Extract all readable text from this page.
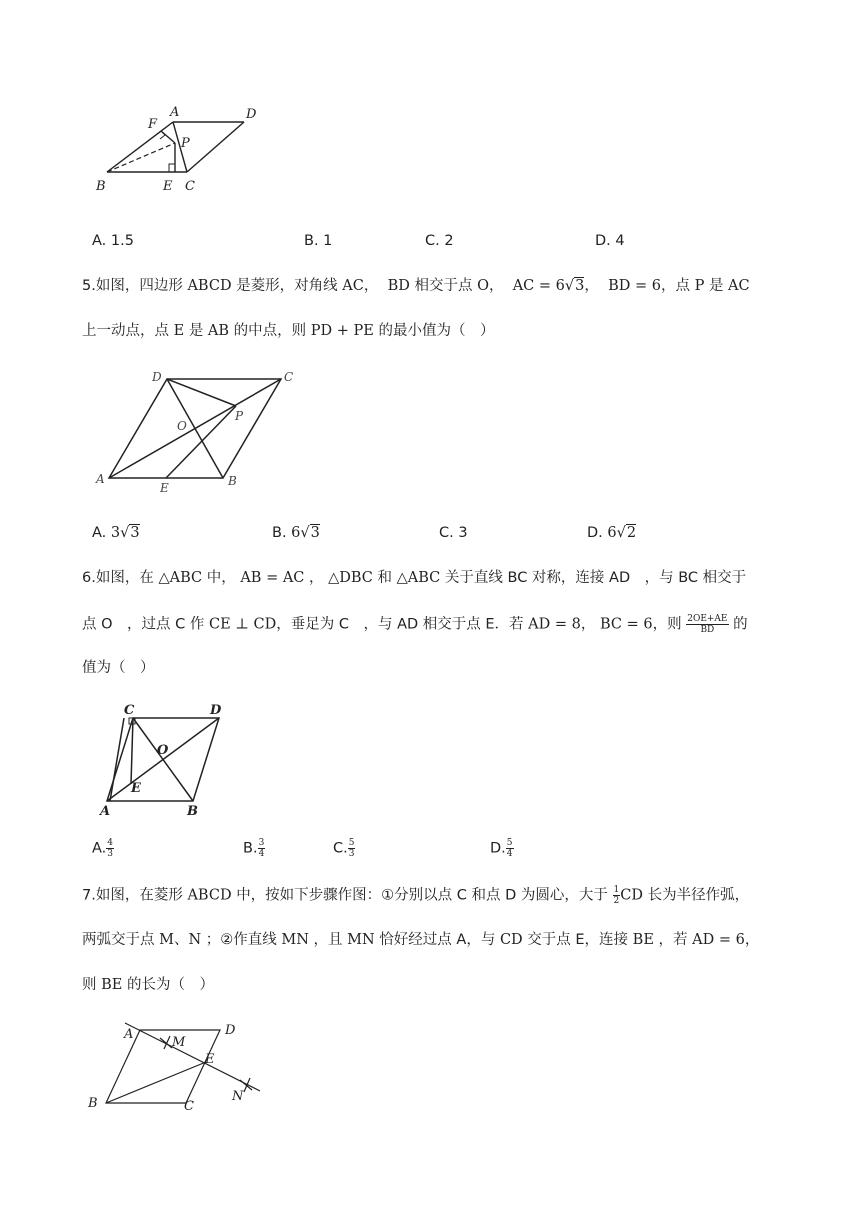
F
A	D
P
B	E C
A. 1.5	B. 1	C. 2	D. 4
5.如图，四边形 ABCD 是菱形，对角线 AC， BD 相交于点 O， AC = 6√3， BD = 6，点 P 是 AC
上一动点，点 E 是 AB 的中点，则 PD + PE 的最小值为（　）
D	C
P
O
A
E	B
A. 3√3	B. 6√3	C. 3	D. 6√2
6.如图，在 △ABC 中， AB = AC ， △DBC 和 △ABC 关于直线 BC 对称，连接 AD　，与 BC 相交于
点 O　，过点 C 作 CE ⊥ CD，垂足为 C　，与 AD 相交于点 E．若 AD = 8， BC = 6，则 $\frac{2OE+AE}{BD}$ 的
值为（　）
C	D
O
E
A	B
A. $\frac{4}{3}$	B. $\frac{3}{4}$	C. $\frac{5}{3}$	D. $\frac{5}{4}$
7.如图，在菱形 ABCD 中，按如下步骤作图：①分别以点 C 和点 D 为圆心，大于 $\frac{1}{2}$ CD 长为半径作弧，
两弧交于点 M、N ；②作直线 MN ，且 MN 恰好经过点 A，与 CD 交于点 E，连接 BE ，若 AD = 6，
则 BE 的长为（　）
A
M
D
E
N
B	C
